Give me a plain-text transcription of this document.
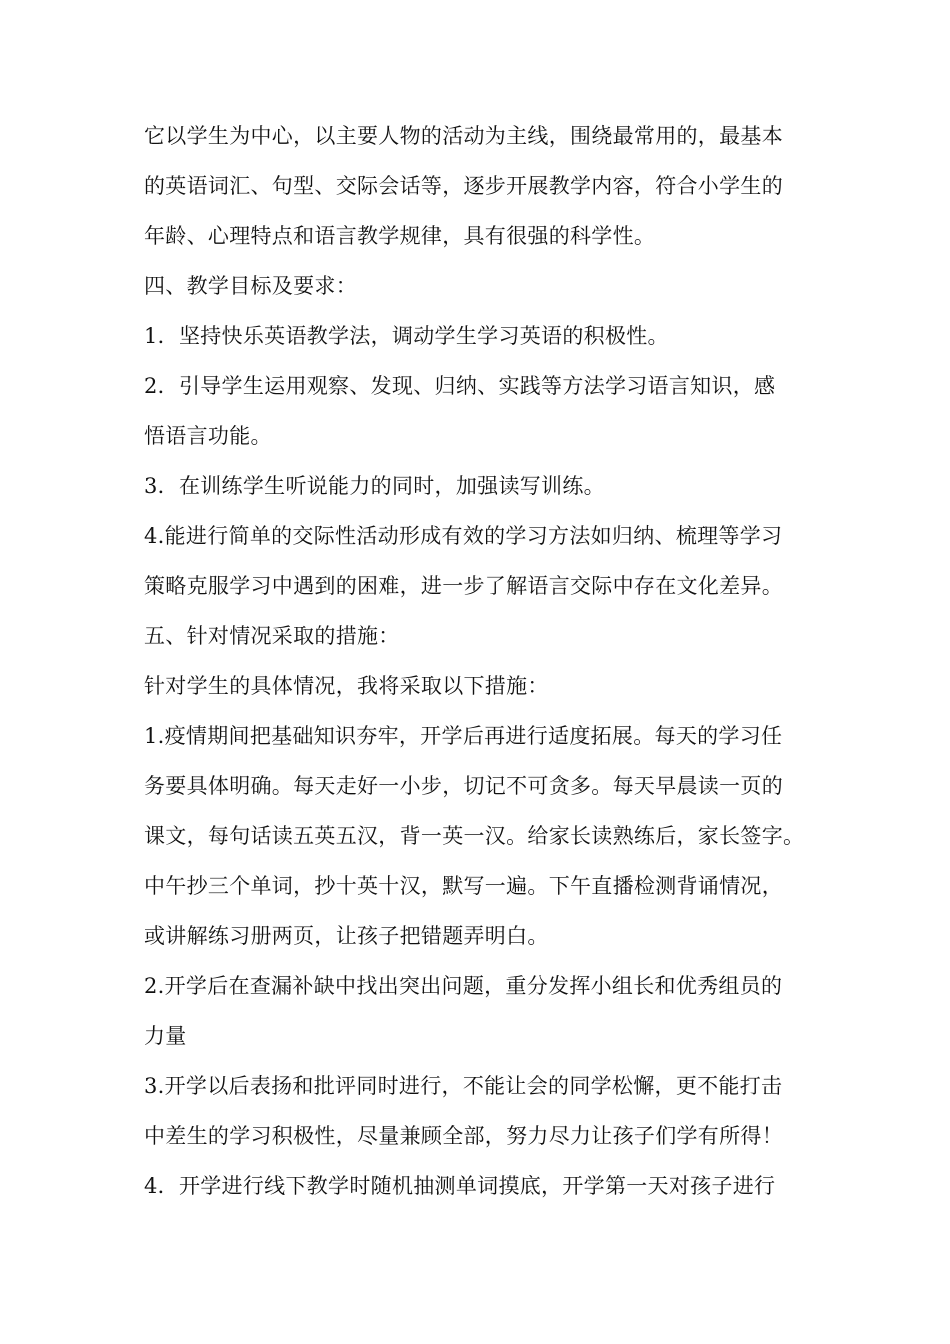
它以学生为中心，以主要人物的活动为主线，围绕最常用的，最基本
的英语词汇、句型、交际会话等，逐步开展教学内容，符合小学生的
年龄、心理特点和语言教学规律，具有很强的科学性。
四、教学目标及要求：
1．坚持快乐英语教学法，调动学生学习英语的积极性。
2．引导学生运用观察、发现、归纳、实践等方法学习语言知识，感
悟语言功能。
3．在训练学生听说能力的同时，加强读写训练。
4.能进行简单的交际性活动形成有效的学习方法如归纳、梳理等学习
策略克服学习中遇到的困难，进一步了解语言交际中存在文化差异。
五、针对情况采取的措施：
针对学生的具体情况，我将采取以下措施：
1.疫情期间把基础知识夯牢，开学后再进行适度拓展。每天的学习任
务要具体明确。每天走好一小步，切记不可贪多。每天早晨读一页的
课文，每句话读五英五汉，背一英一汉。给家长读熟练后，家长签字。
中午抄三个单词，抄十英十汉，默写一遍。下午直播检测背诵情况，
或讲解练习册两页，让孩子把错题弄明白。
2.开学后在查漏补缺中找出突出问题，重分发挥小组长和优秀组员的
力量
3.开学以后表扬和批评同时进行，不能让会的同学松懈，更不能打击
中差生的学习积极性，尽量兼顾全部，努力尽力让孩子们学有所得！
4．开学进行线下教学时随机抽测单词摸底，开学第一天对孩子进行
